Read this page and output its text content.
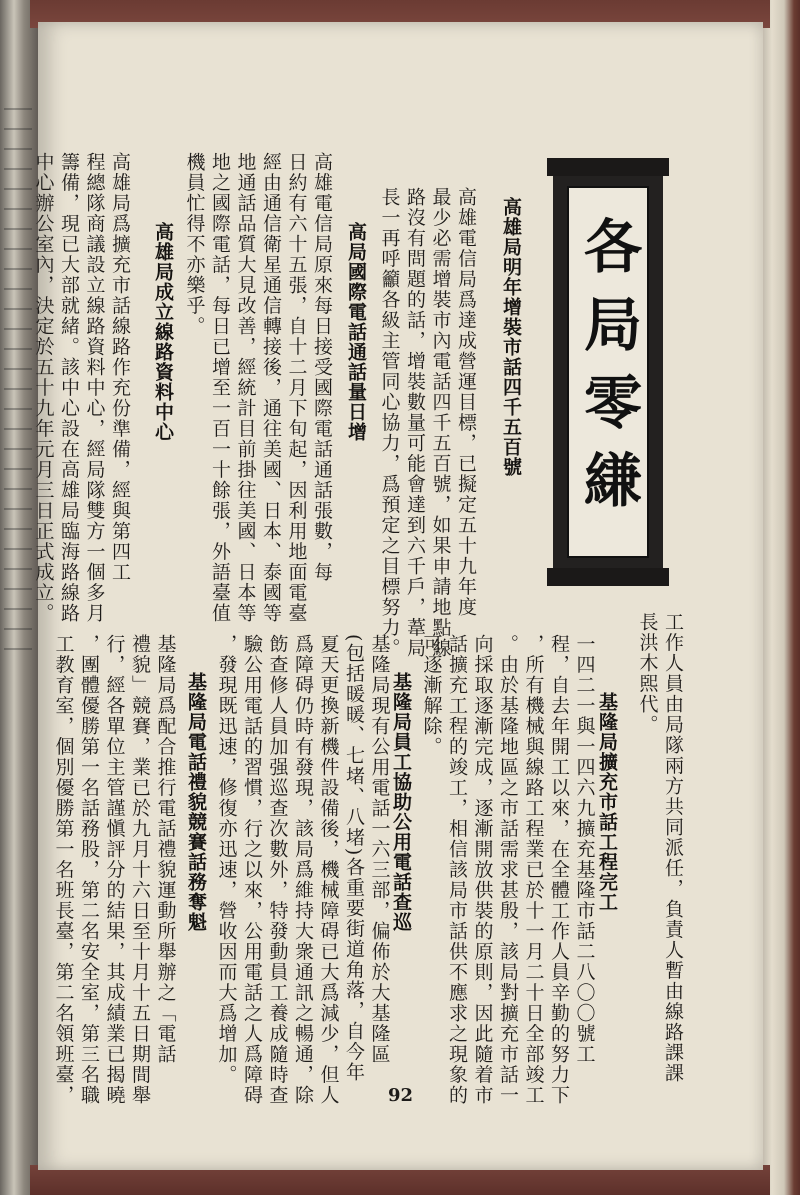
各局零縑
高雄局明年增裝市話四千五百號
高雄電信局爲達成營運目標，已擬定五十九年度
最少必需增裝市內電話四千五百號，如果申請地點線
路沒有問題的話，增裝數量可能會達到六千戶，葦局
長一再呼籲各級主管同心協力，爲預定之目標努力。
高局國際電話通話量日增
高雄電信局原來每日接受國際電話通話張數，每
日約有六十五張，自十二月下旬起，因利用地面電臺
經由通信衛星通信轉接後，通往美國、日本、泰國等
地通話品質大見改善，經統計目前掛往美國、日本等
地之國際電話，每日已增至一百一十餘張，外語臺值
機員忙得不亦樂乎。
高雄局成立線路資料中心
高雄局爲擴充市話線路作充份準備，經與第四工
程總隊商議設立線路資料中心，經局隊雙方一個多月
籌備，現已大部就緒。該中心設在高雄局臨海路線路
中心辦公室內，決定於五十九年元月三日正式成立。
工作人員由局隊兩方共同派任，負責人暫由線路課課
長洪木𤋮代。
基隆局擴充市話工程完工
一四二一與一四六九擴充基隆市話二八〇〇號工
程，自去年開工以來，在全體工作人員辛勤的努力下
，所有機械與線路工程業已於十一月二十日全部竣工
。由於基隆地區之市話需求甚殷，該局對擴充市話一
向採取逐漸完成，逐漸開放供裝的原則，因此隨着市
話擴充工程的竣工，相信該局市話供不應求之現象的
可逐漸解除。
基隆局員工協助公用電話查巡
基隆局現有公用電話一六三部，偏佈於大基隆區
(包括暖暖、七堵、八堵)各重要街道角落，自今年
夏天更換新機件設備後，機械障碍已大爲減少，但人
爲障碍仍時有發現，該局爲維持大衆通訊之暢通，除
飭查修人員加强巡查次數外，特發動員工養成隨時查
驗公用電話的習慣，行之以來，公用電話之人爲障碍
，發現既迅速，修復亦迅速，營收因而大爲增加。
基隆局電話禮貌競賽話務奪魁
基隆局爲配合推行電話禮貌運動所舉辦之「電話
禮貌」競賽，業已於九月十六日至十月十五日期間舉
行，經各單位主管謹愼評分的結果，其成績業已揭曉
，團體優勝第一名話務股，第二名安全室，第三名職
工教育室，個別優勝第一名班長臺，第二名領班臺，	92
